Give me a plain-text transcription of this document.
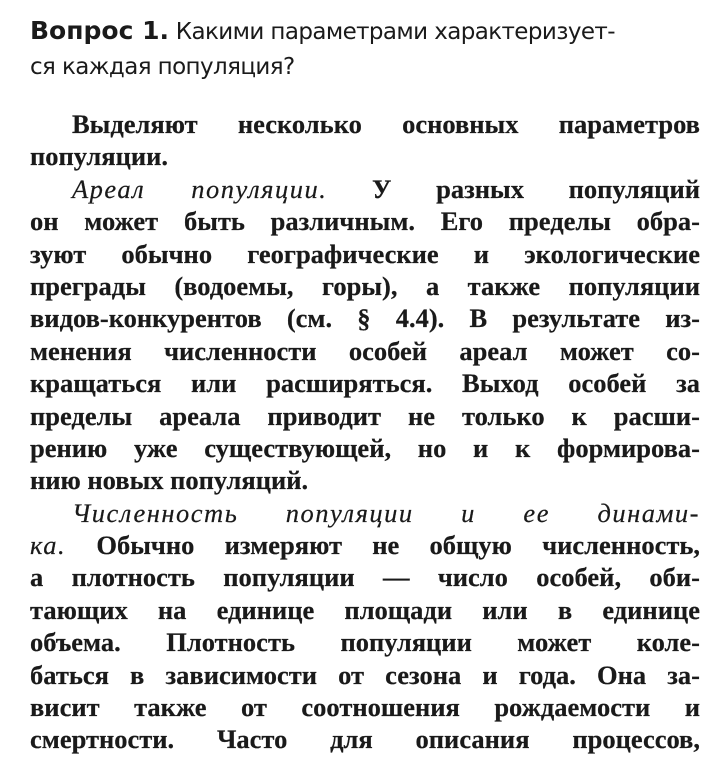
Вопрос 1. Какими параметрами характеризует-
ся каждая популяция?
Выделяют несколько основных параметров
популяции.
Ареал популяции. У разных популяций
он может быть различным. Его пределы обра-
зуют обычно географические и экологические
преграды (водоемы, горы), а также популяции
видов-конкурентов (см. § 4.4). В результате из-
менения численности особей ареал может со-
кращаться или расширяться. Выход особей за
пределы ареала приводит не только к расши-
рению уже существующей, но и к формирова-
нию новых популяций.
Численность популяции и ее динами-
ка. Обычно измеряют не общую численность,
а плотность популяции — число особей, оби-
тающих на единице площади или в единице
объема. Плотность популяции может коле-
баться в зависимости от сезона и года. Она за-
висит также от соотношения рождаемости и
смертности. Часто для описания процессов,
